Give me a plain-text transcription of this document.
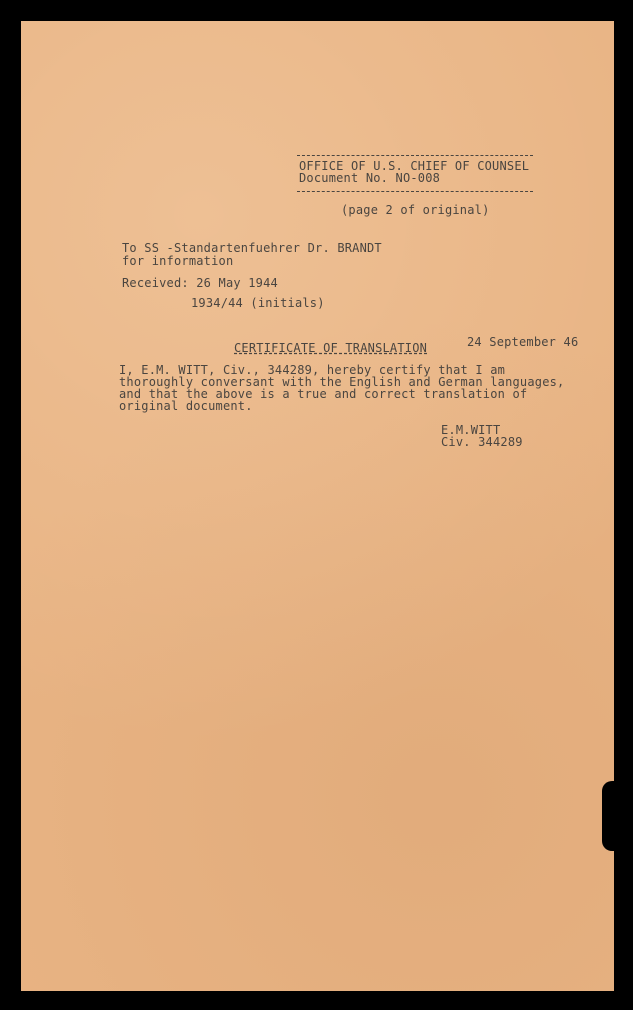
OFFICE OF U.S. CHIEF OF COUNSEL
Document No. NO-008
(page 2 of original)
To SS -Standartenfuehrer Dr. BRANDT
for information
Received: 26 May 1944
1934/44 (initials)
CERTIFICATE OF TRANSLATION	24 September 46
I, E.M. WITT, Civ., 344289, hereby certify that I am
thoroughly conversant with the English and German languages,
and that the above is a true and correct translation of
original document.
E.M.WITT
Civ. 344289
